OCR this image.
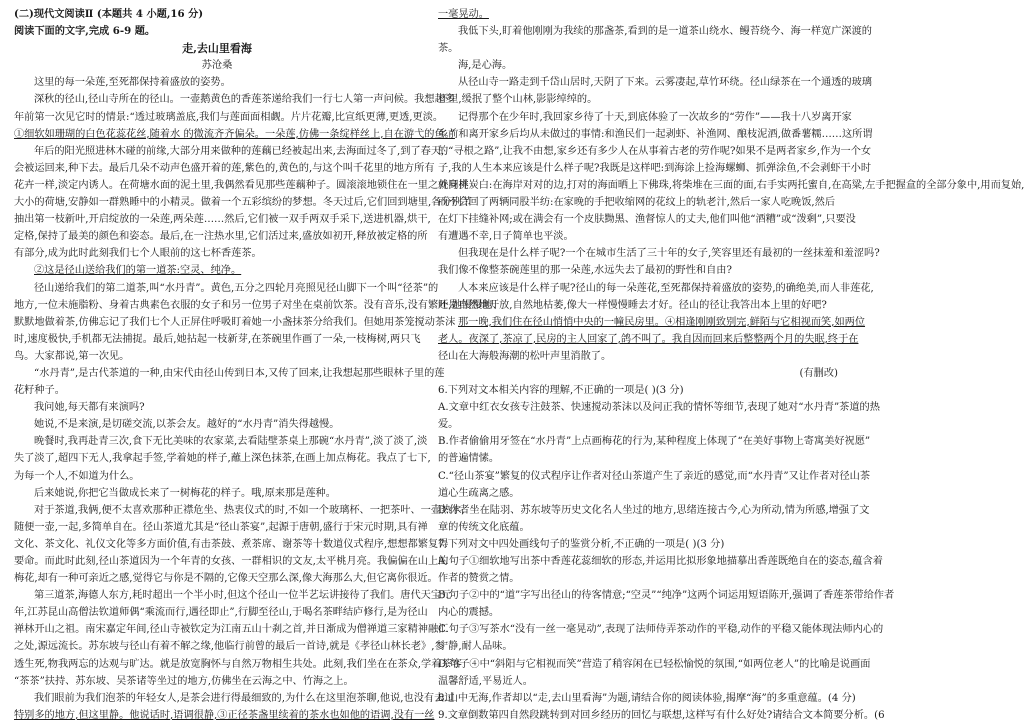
(二)现代文阅读Ⅱ (本题共 4 小题,16 分)
阅读下面的文字,完成 6-9 题。
走,去山里看海
苏沧桑
这里的每一朵莲,至死都保持着盛放的姿势。
深秋的径山,径山寺所在的径山。一壶鹅黄色的香莲茶递给我们一行七人第一声问候。我想起多
年前第一次见它时的情景:“透过玻璃盖底,我们与莲面面相觑。片片花瓣,比宣纸更薄,更透,更淡。
①细软如珊瑚的白色花蕊花丝,随着水 的微流齐齐偏朵。一朵莲,仿佛一条绽样丝上,自在游弋的鱼。”
年后的阳光照进林木碰的前缘,大部分用来做种的莲藕已经被起出来,去海面过冬了,到了春天,
会被运回来,种下去。最后几朵不动声色盛开着的莲,紫色的,黄色的,与这个叫千花里的地方所有
花卉一样,淡定内诱人。在荷塘水面的泥土里,我偶然看见那些莲藕种子。圆滚滚地锁住在一里之外同样
大小的荷塘,安静如一群熟睡中的小精灵。做着一个五彩缤纷的梦想。冬天过后,它们回到塘里,各分别节
抽出第一枝新叶,开启绽放的一朵莲,两朵莲……然后,它们被一双手两双手采下,送进机器,烘干,
定格,保持了最美的颜色和姿态。最后,在一注热水里,它们活过来,盛放如初开,释放被定格的所
有部分,成为此时此刻我们七个人眼前的这七杯香莲茶。
②这是径山送给我们的第一道茶:空灵、纯净。
径山递给我们的第二道茶,叫“水丹青”。黄色,五分之四轮月亮照见径山脚下一个叫“径茶”的
地方,一位未施脂粉、身着古典素色衣服的女子和另一位男子对坐在桌前饮茶。没有音乐,没有繁叶,她慢慢地、
默默地做着茶,仿佛忘记了我们七个人正屏住呼吸盯着她一小盏抹茶分给我们。但她用茶笼搅动茶沫
时,速度极快,手机都无法捕捉。最后,她拈起一枝新芽,在茶碗里作画了一朵,一枝梅树,两只飞
鸟。大家都说,第一次见。
“水丹青”,是古代茶道的一种,由宋代由径山传到日本,又传了回来,让我想起那些眼林子里的莲
花籽种子。
我问她,每天都有来演吗?
她说,不是来演,是切磋交流,以茶会友。越好的“水丹青”消失得越慢。
晚餐时,我再赴青三次,食下无比美味的农家菜,去看陆壁茶桌上那碗“水丹青”,淡了淡了,淡
失了淡了,超四下无人,我拿起手签,学着她的样子,蘸上深色抹茶,在画上加点梅花。我点了七下,
为每一个人,不如道为什么。
后来她说,你把它当做成长来了一树梅花的样子。哦,原来那是莲种。
对于茶道,我俩,便不太喜欢那种正襟危坐、热衷仪式的时,不如一个玻璃杯、一把茶叶、一壶热水,
随便一壶,一起,多简单自在。径山茶道尤其是“径山茶宴”,起源于唐朝,盛行于宋元时期,具有禅
文化、茶文化、礼仪文化等多方面价值,有击茶鼓、煮茶席、谢茶等十数道仪式程序,想想都繁复得
要命。而此时此刻,径山茶道因为一个年青的女孩、一群相识的文友,太平桃月亮。我偏偏在山上的
梅花,却有一种可亲近之感,觉得它与你是不隔的,它像天空那么深,像大海那么大,但它离你很近。
第三道茶,海德人东方,耗时超出一个半小时,但这个径山一位半艺坛讲接待了我们。唐代天宝元
年,江苏昆山高僧法钦道师偶“乘流而行,遇径即止”,行脚至径山,于喝名茶畔结庐修行,是为径山
禅林开山之祖。南宋嘉定年间,径山寺被钦定为江南五山十刹之首,并日渐成为僧禅道三家精神融汇
之处,源远流长。苏东坡与径山有着不解之缘,他临行前曾的最后一首诗,就是《孝径山林长老》,参
透生死,物我两忘的达观与旷达。就是放宽胸怀与自然万物相生共处。此刻,我们坐在在茶众,学着茶客
“茶茶”扶持、苏东坡、吴茶诸等坐过的地方,仿佛坐在云海之中、竹海之上。
我们眼前为我们泡茶的年轻女人,是茶会进行得最细致的,为什么在这里泡茶聊,他说,也没有去过
特别多的地方,但这里静。他说话时,语调很静,③正径茶盏里续着的茶水也如他的语调,没有一丝
一毫晃动。
我低下头,盯着他刚刚为我续的那盏茶,看到的是一道茶山绕水、鳗苔绕今、海一样宽广深渡的
茶。
海,是心海。
从径山寺一路走到千岱山居时,天阴了下来。云雾凄起,草竹环绕。径山绿茶在一个通透的玻璃
杯里,缓抿了整个山林,影影绰绰的。
记得那个在少年时,我回家乡待了十天,到底体验了一次故乡的“劳作”——我十八岁离开家
乡前和离开家乡后均从未做过的事情:和渔民们一起剥虾、补渔网、酿枝泥酒,做番薯糯……这所谓
的“寻根之路”,让我不由想,家乡还有多少人在从事着古老的劳作呢?如果不是两者家乡,作为一个女
子,我的人生本来应该是什么样子呢?我既是这样吧:到海涂上捡海螺蛳、抓弹涂鱼,不会剥虾干小时
就身挑炭白:在海岸对对的边,打对的海面晒上下佛珠,将柴堆在三面的面,右手实两托蜜自,在高粱,左手把握盒的全部分象中,用而复始,
而不会回了两辆同股半纺:在家晚的手把收缩网的花纹上的轨老汁,然后一家人吃晚饭,然后
在灯下挂缝补网;或在满会有一个皮肤黝黑、渔督惊人的丈夫,他们叫他“酒糟”或“泼剩”,只要没
有遭遇不幸,日子简单也平淡。
但我现在是什么样子呢?一个在城市生活了三十年的女子,笑容里还有最初的一丝抹羞和羞涩吗?
我们像不像整茶碗莲里的那一朵莲,水远失去了最初的野性和自由?
人本来应该是什么样子呢?径山的每一朵莲花,至死都保持着盛放的姿势,的确绝美,而人非莲花,
还是自然地开放,自然地枯萎,像大一样慢慢睡去才好。径山的径让我答出本上里的好吧?
那一晚,我们住在径山悄悄中央的一幢民房里。④相逢刚刚致别完,鲜陌与它相视而笑,如两位
老人。夜深了,茶凉了,民房的主人回家了,鸽不叫了。我自因而回来后整整两个月的失眠,终于在
径山在大海般海潮的松叶声里消散了。
(有删改)
6.下列对文本相关内容的理解,不正确的一项是( )(3 分)
A.文章中红衣女孩专注鼓茶、快速搅动茶沫以及问正我的情怀等细节,表现了她对“水丹青”茶道的热
爱。
B.作者偷偷用牙签在“水丹青”上点画梅花的行为,某种程度上体现了“在美好事物上寄寓美好祝愿”
的普遍情愫。
C.“径山茶宴”繁复的仪式程序让作者对径山茶道产生了亲近的感觉,而“水丹青”又让作者对径山茶
道心生疏离之感。
D.作者坐在陆羽、苏东坡等历史文化名人坐过的地方,思绪连接古今,心为所动,情为所感,增强了文
章的传统文化底蕴。
7.下列对文中四处画线句子的鉴赏分析,不正确的一项是( )(3 分)
A.句子①细软地写出茶中香莲花蕊细软的形态,并运用比拟形象地描摹出香莲既绝自在的姿态,蕴含着
作者的赞赏之情。
B.句子②中的“道”字写出径山的待客情意;“空灵”“纯净”这两个词运用短语陈开,强调了香莲茶带给作者
内心的震撼。
C.句子③写茶水“没有一丝一毫晃动”,表现了法师侍弄茶动作的平稳,动作的平稳又能体现法师内心的
宁静,耐人品味。
D.句子④中“斜阳与它相视而笑”营造了稍容闲在已轻松愉悦的氛围,“如两位老人”的比喻是说画面
温馨舒适,平易近人。
8.山中无海,作者却以“走,去山里看海”为题,请结合你的阅读体验,揭摩“海”的多重意蕴。(4 分)
9.文章倒数第四自然段跳转到对回乡经历的回忆与联想,这样写有什么好处?请结合文本简要分析。(6
